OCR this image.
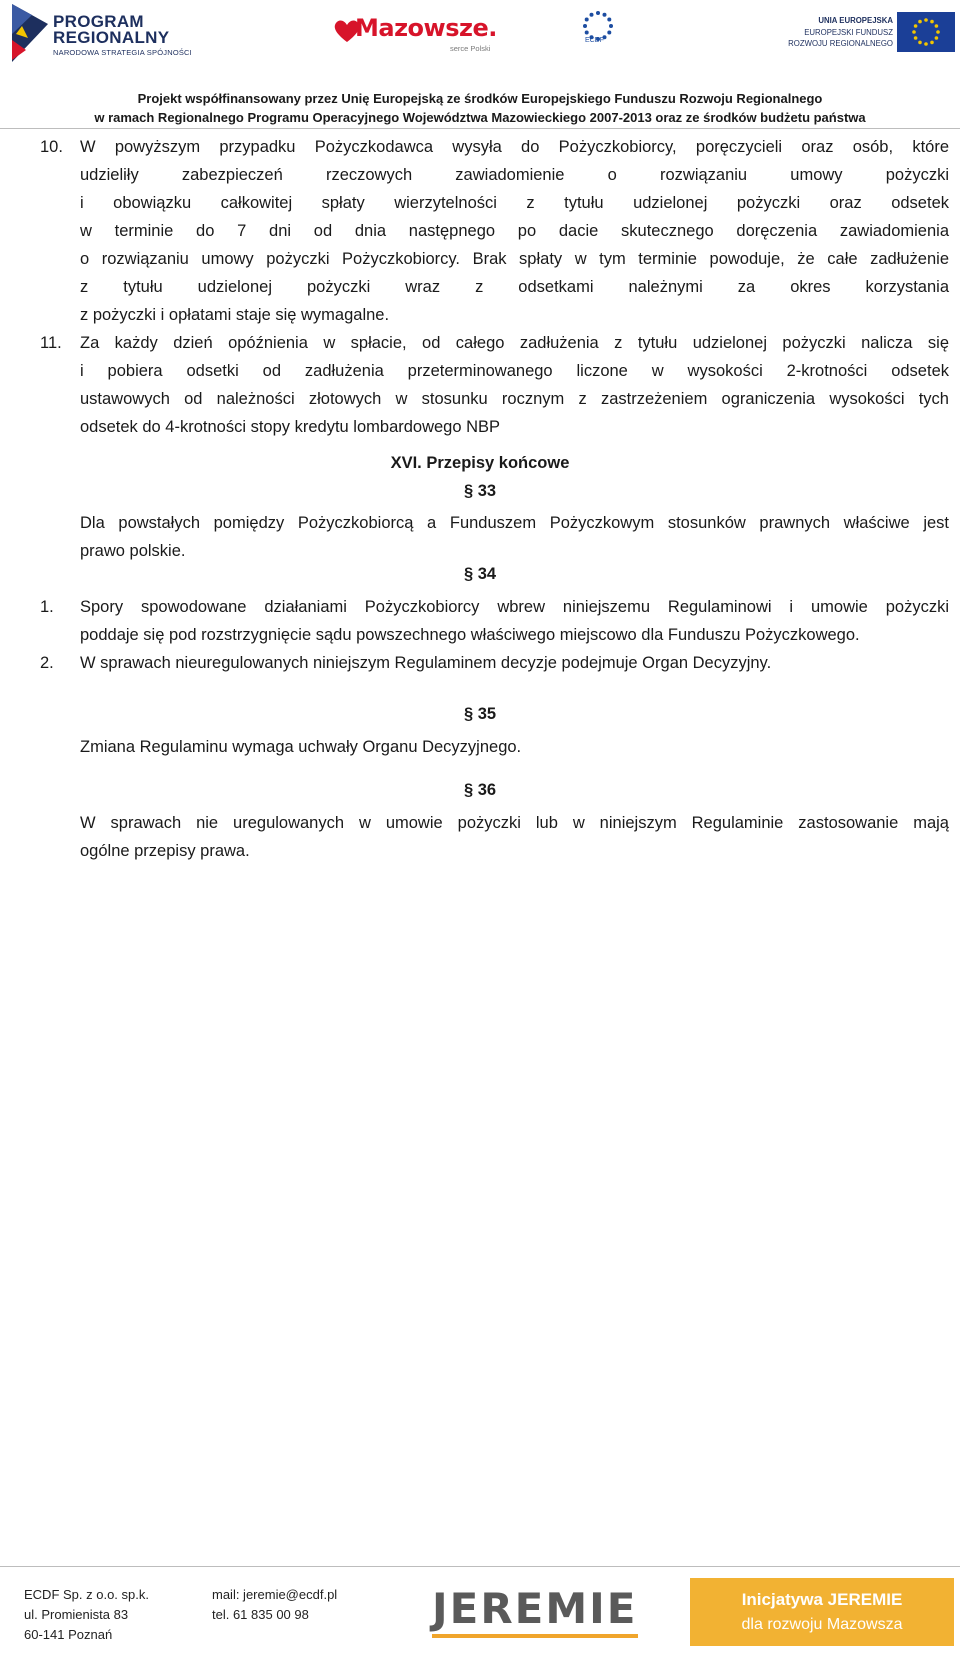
PROGRAM
REGIONALNY
NARODOWA STRATEGIA SPÓJNOŚCI
Mazowsze.
serce Polski
ECDF
UNIA EUROPEJSKA
EUROPEJSKI FUNDUSZ
ROZWOJU REGIONALNEGO
Projekt współfinansowany przez Unię Europejską ze środków Europejskiego Funduszu Rozwoju Regionalnego
w ramach Regionalnego Programu Operacyjnego Województwa Mazowieckiego 2007-2013 oraz ze środków budżetu państwa
10. W powyższym przypadku Pożyczkodawca wysyła do Pożyczkobiorcy, poręczycieli oraz osób, które
udzieliły zabezpieczeń rzeczowych zawiadomienie o rozwiązaniu umowy pożyczki
i obowiązku całkowitej spłaty wierzytelności z tytułu udzielonej pożyczki oraz odsetek
w terminie do 7 dni od dnia następnego po dacie skutecznego doręczenia zawiadomienia
o rozwiązaniu umowy pożyczki Pożyczkobiorcy. Brak spłaty w tym terminie powoduje, że całe zadłużenie
z tytułu udzielonej pożyczki wraz z odsetkami należnymi za okres korzystania
z pożyczki i opłatami staje się wymagalne.
11. Za każdy dzień opóźnienia w spłacie, od całego zadłużenia z tytułu udzielonej pożyczki nalicza się
i pobiera odsetki od zadłużenia przeterminowanego liczone w wysokości 2-krotności odsetek
ustawowych od należności złotowych w stosunku rocznym z zastrzeżeniem ograniczenia wysokości tych
odsetek do 4-krotności stopy kredytu lombardowego NBP
XVI. Przepisy końcowe
§ 33
Dla powstałych pomiędzy Pożyczkobiorcą a Funduszem Pożyczkowym stosunków prawnych właściwe jest
prawo polskie.
§ 34
1. Spory spowodowane działaniami Pożyczkobiorcy wbrew niniejszemu Regulaminowi i umowie pożyczki
poddaje się pod rozstrzygnięcie sądu powszechnego właściwego miejscowo dla Funduszu Pożyczkowego.
2. W sprawach nieuregulowanych niniejszym Regulaminem decyzje podejmuje Organ Decyzyjny.
§ 35
Zmiana Regulaminu wymaga uchwały Organu Decyzyjnego.
§ 36
W sprawach nie uregulowanych w umowie pożyczki lub w niniejszym Regulaminie zastosowanie mają
ogólne przepisy prawa.
ECDF Sp. z o.o. sp.k.
ul. Promienista 83
60-141 Poznań
mail: jeremie@ecdf.pl
tel. 61 835 00 98	JEREMIE	Inicjatywa JEREMIE
dla rozwoju Mazowsza
